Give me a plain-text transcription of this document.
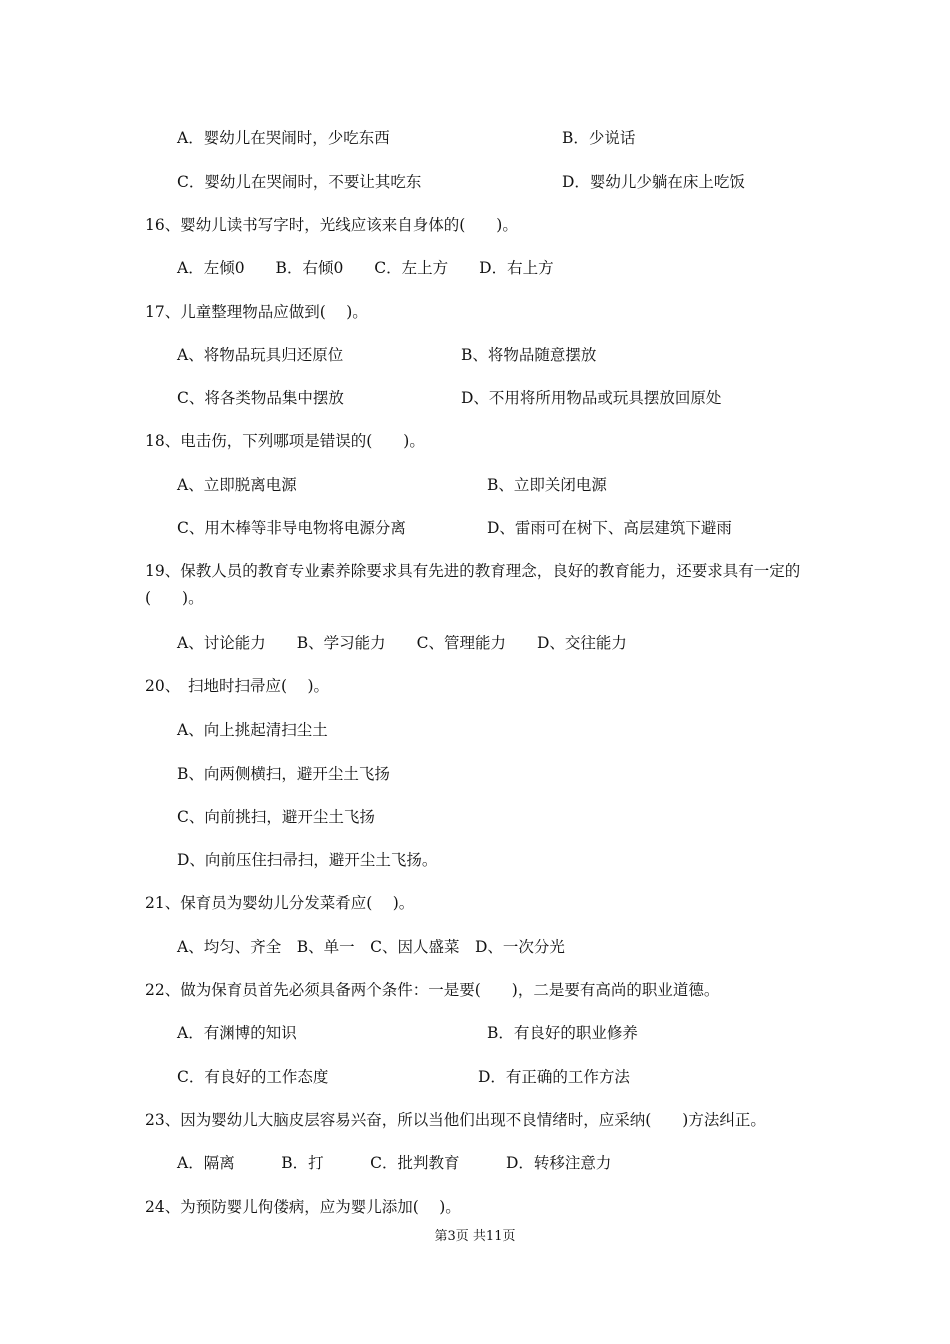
A．婴幼儿在哭闹时，少吃东西	B．少说话
C．婴幼儿在哭闹时，不要让其吃东	D．婴幼儿少躺在床上吃饭
16、婴幼儿读书写字时，光线应该来自身体的(　　)。
A．左倾0　　B．右倾0　　C．左上方　　D．右上方
17、儿童整理物品应做到(　 )。
A、将物品玩具归还原位	B、将物品随意摆放
C、将各类物品集中摆放	D、不用将所用物品或玩具摆放回原处
18、电击伤，下列哪项是错误的(　　)。
A、立即脱离电源	B、立即关闭电源
C、用木棒等非导电物将电源分离	D、雷雨可在树下、高层建筑下避雨
19、保教人员的教育专业素养除要求具有先进的教育理念，良好的教育能力，还要求具有一定的(　　)。
A、讨论能力　　B、学习能力　　C、管理能力　　D、交往能力
20、　扫地时扫帚应(　 )。
A、向上挑起清扫尘土
B、向两侧横扫，避开尘土飞扬
C、向前挑扫，避开尘土飞扬
D、向前压住扫帚扫，避开尘土飞扬。
21、保育员为婴幼儿分发菜肴应(　 )。
A、均匀、齐全　B、单一　C、因人盛菜　D、一次分光
22、做为保育员首先必须具备两个条件：一是要(　　)，二是要有高尚的职业道德。
A．有渊博的知识	B．有良好的职业修养
C．有良好的工作态度	D．有正确的工作方法
23、因为婴幼儿大脑皮层容易兴奋，所以当他们出现不良情绪时，应采纳(　　)方法纠正。
A．隔离　　　B．打　　　C．批判教育　　　D．转移注意力
24、为预防婴儿佝偻病，应为婴儿添加(　 )。
第3页 共11页
